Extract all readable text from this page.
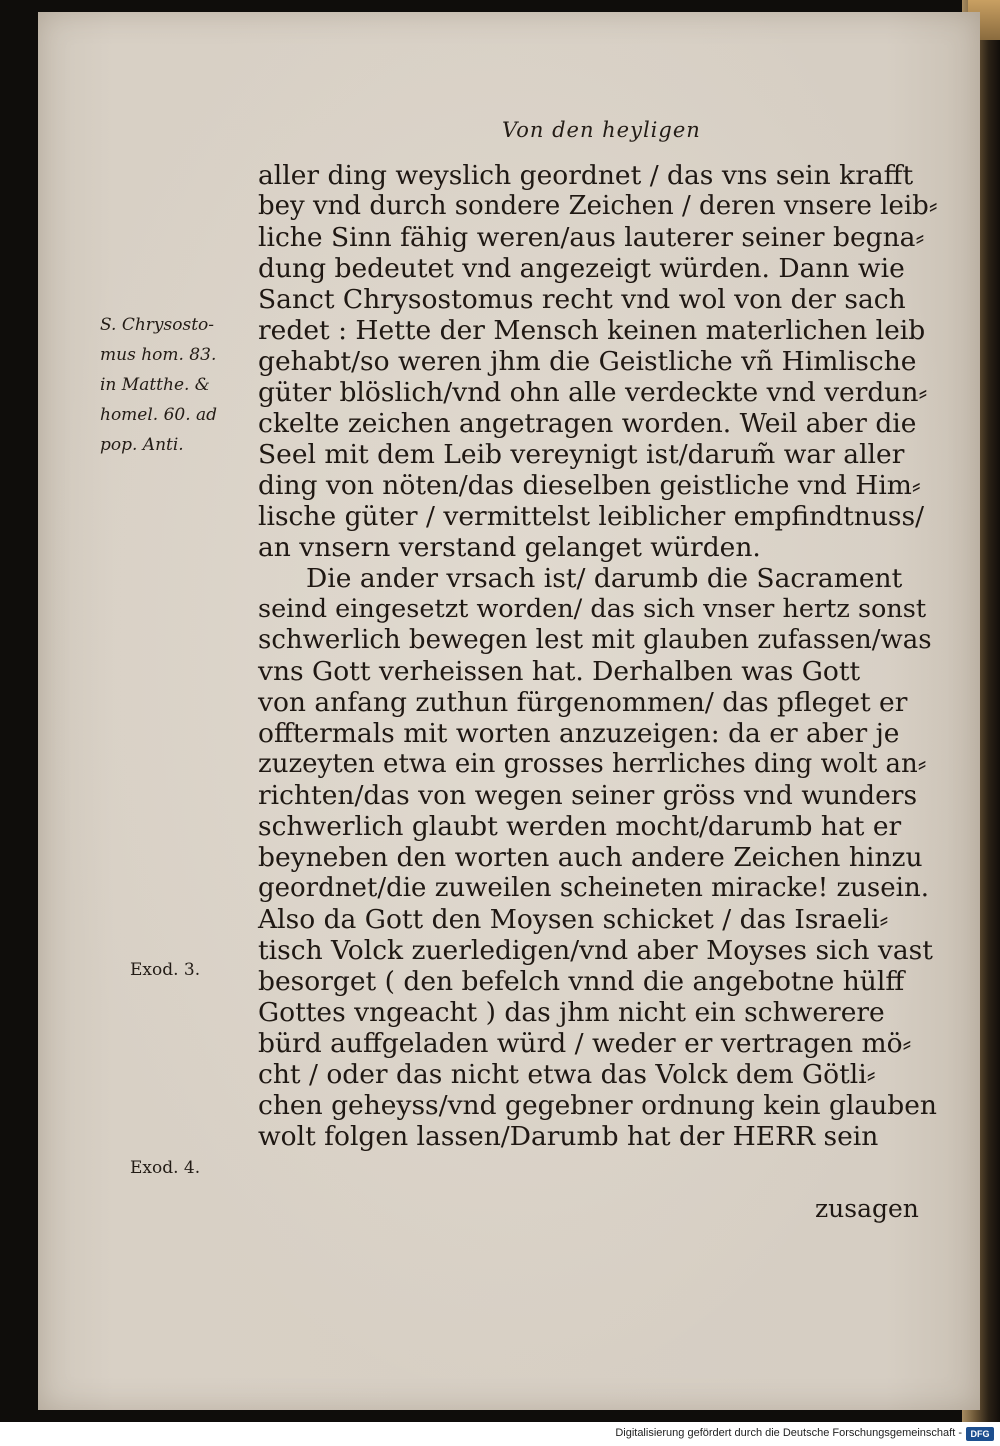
Von den heyligen
S. Chrysosto-
mus hom. 83.
in Matthe. &
homel. 60. ad
pop. Anti.
Exod. 3.
Exod. 4.
aller ding weyslich geordnet / das vns sein krafft
bey vnd durch sondere Zeichen / deren vnsere leib⸗
liche Sinn fähig weren/aus lauterer seiner begna⸗
dung bedeutet vnd angezeigt würden. Dann wie
Sanct Chrysostomus recht vnd wol von der sach
redet : Hette der Mensch keinen materlichen leib
gehabt/so weren jhm die Geistliche vñ Himlische
güter blöslich/vnd ohn alle verdeckte vnd verdun⸗
ckelte zeichen angetragen worden. Weil aber die
Seel mit dem Leib vereynigt ist/darum̃ war aller
ding von nöten/das dieselben geistliche vnd Him⸗
lische güter / vermittelst leiblicher empfindtnuss/
an vnsern verstand gelanget würden.
Die ander vrsach ist/ darumb die Sacrament
seind eingesetzt worden/ das sich vnser hertz sonst
schwerlich bewegen lest mit glauben zufassen/was
vns Gott verheissen hat. Derhalben was Gott
von anfang zuthun fürgenommen/ das pfleget er
offtermals mit worten anzuzeigen: da er aber je
zuzeyten etwa ein grosses herrliches ding wolt an⸗
richten/das von wegen seiner gröss vnd wunders
schwerlich glaubt werden mocht/darumb hat er
beyneben den worten auch andere Zeichen hinzu
geordnet/die zuweilen scheineten miracke! zusein.
Also da Gott den Moysen schicket / das Israeli⸗
tisch Volck zuerledigen/vnd aber Moyses sich vast
besorget ( den befelch vnnd die angebotne hülff
Gottes vngeacht ) das jhm nicht ein schwerere
bürd auffgeladen würd / weder er vertragen mö⸗
cht / oder das nicht etwa das Volck dem Götli⸗
chen geheyss/vnd gegebner ordnung kein glauben
wolt folgen lassen/Darumb hat der HERR sein
zusagen
Digitalisierung gefördert durch die Deutsche Forschungsgemeinschaft - DFG
